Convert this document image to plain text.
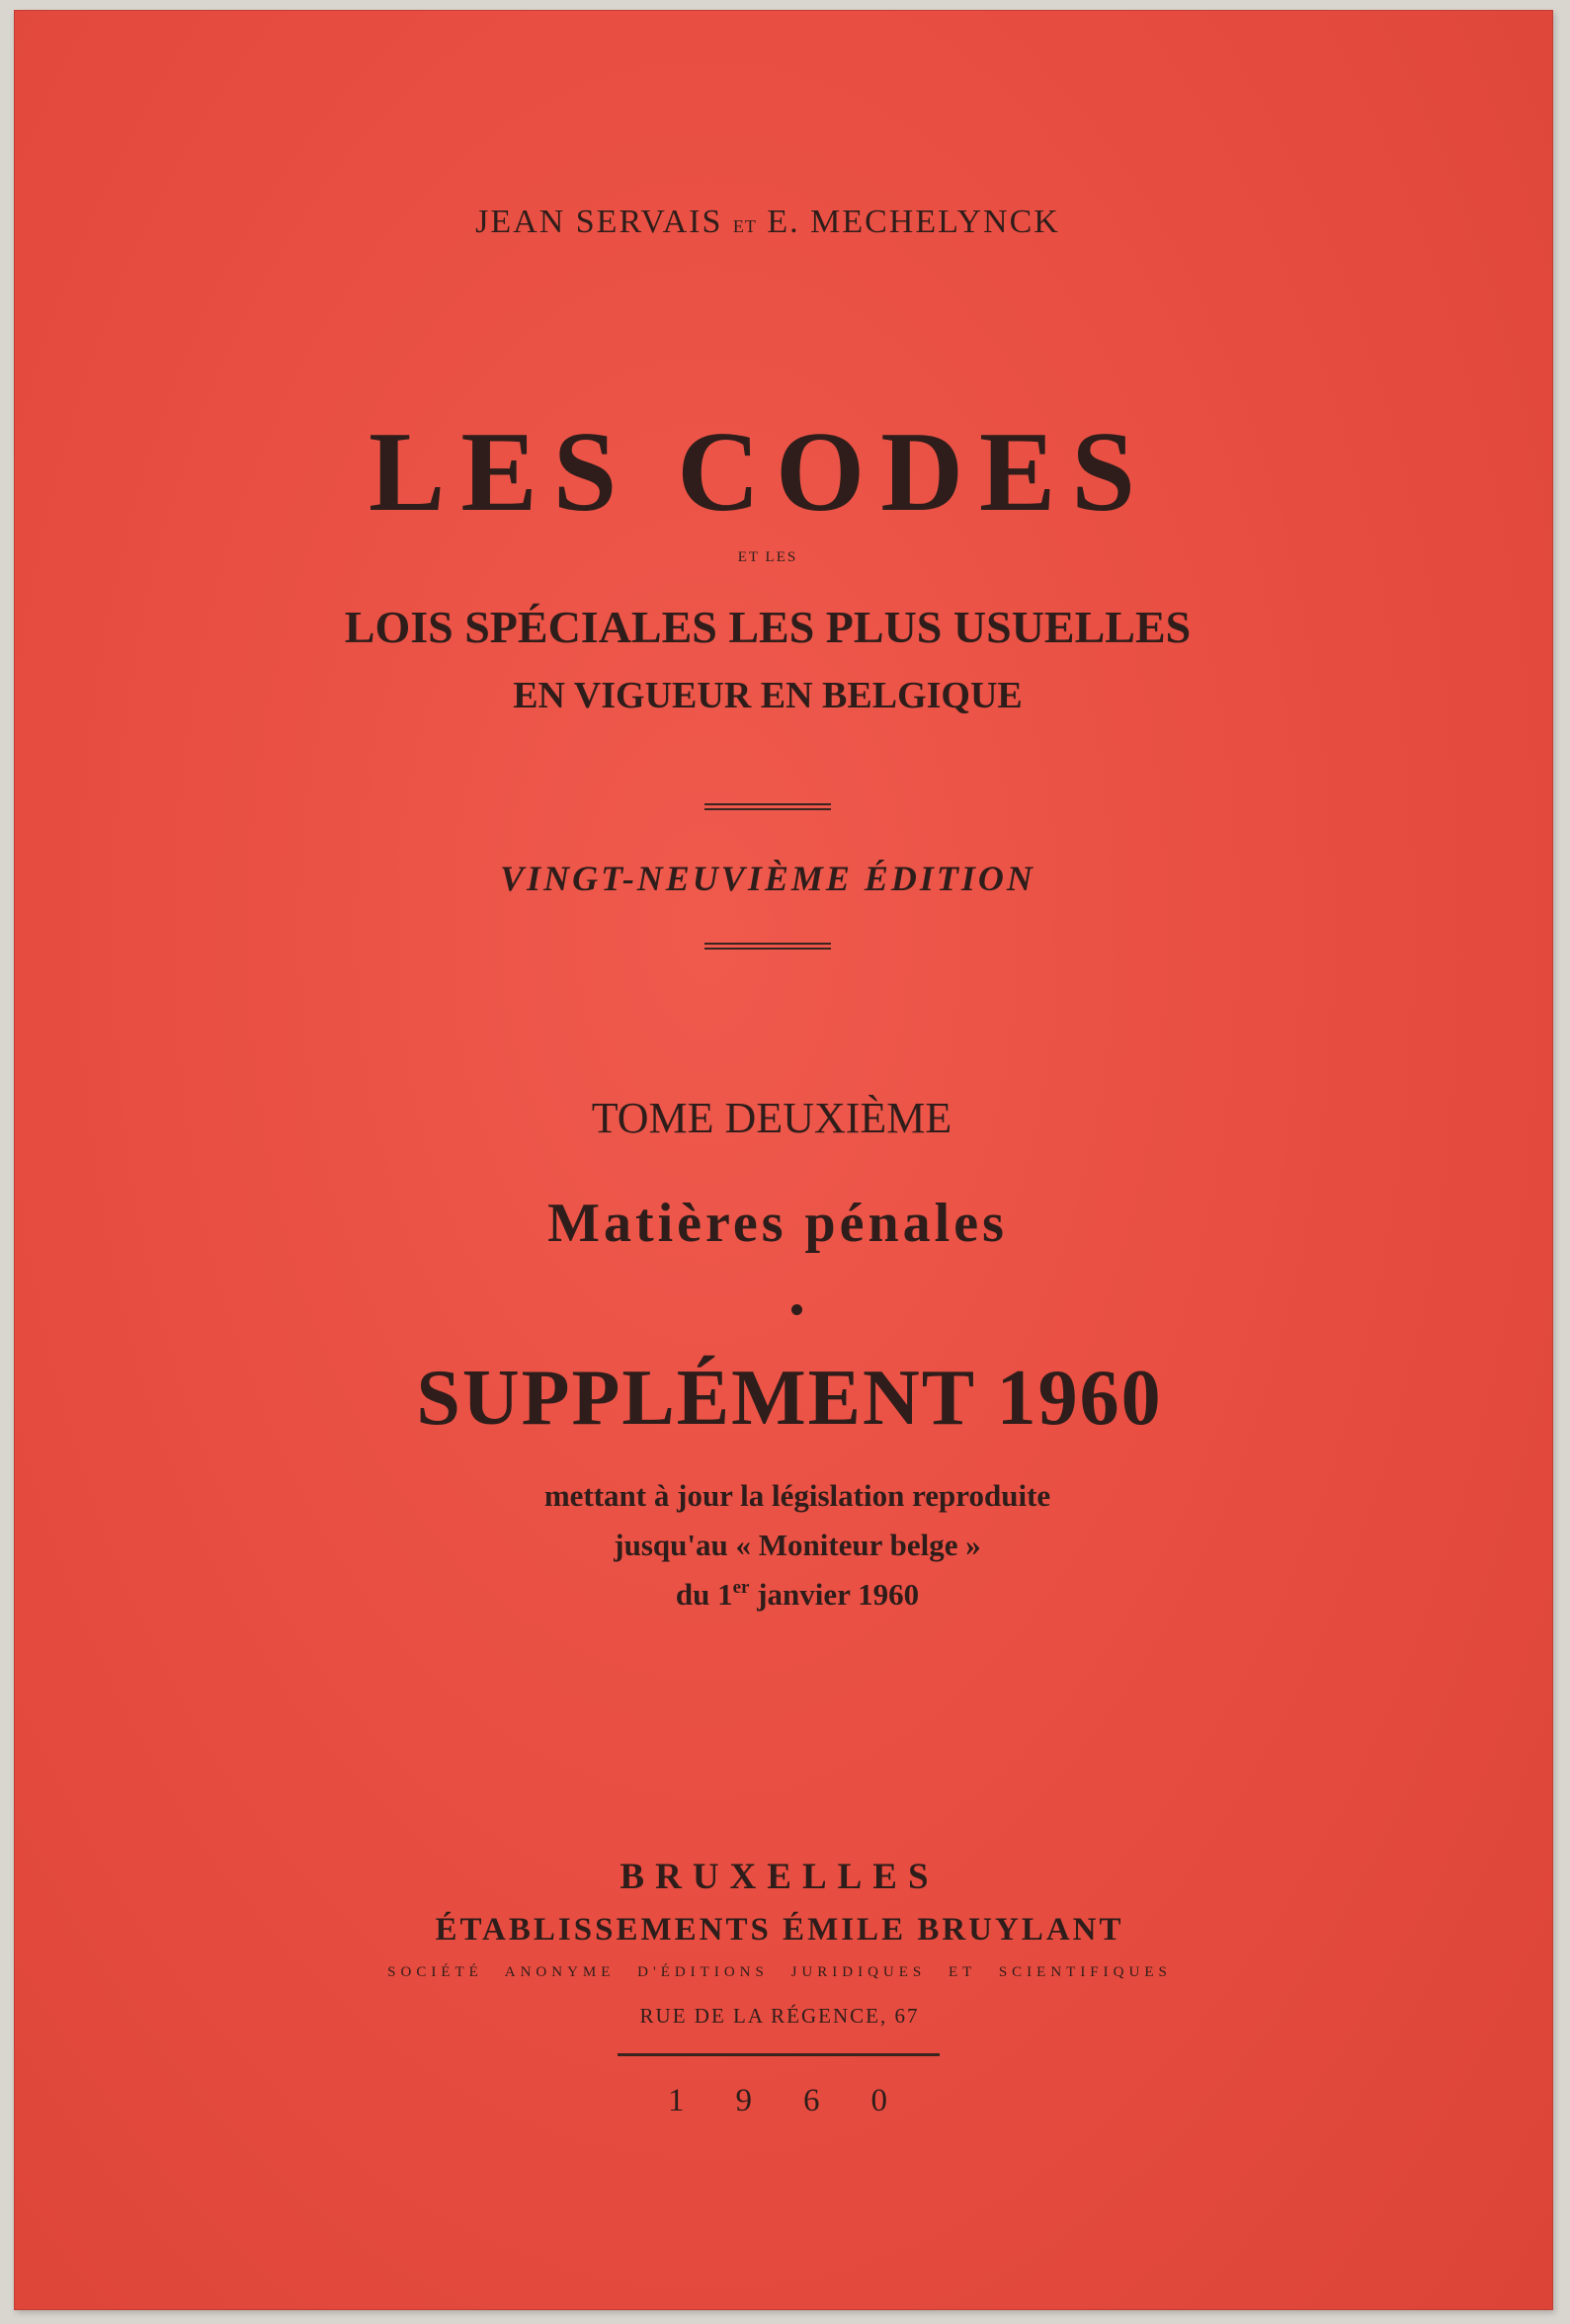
JEAN SERVAIS ET E. MECHELYNCK

LES CODES

ET LES

LOIS SPÉCIALES LES PLUS USUELLES
EN VIGUEUR EN BELGIQUE

VINGT-NEUVIÈME ÉDITION

TOME DEUXIÈME

Matières pénales

SUPPLÉMENT 1960

mettant à jour la législation reproduite

jusqu'au « Moniteur belge »

du 1er janvier 1960

BRUXELLES

ÉTABLISSEMENTS ÉMILE BRUYLANT

SOCIÉTÉ ANONYME D'ÉDITIONS JURIDIQUES ET SCIENTIFIQUES

RUE DE LA RÉGENCE, 67

1960
